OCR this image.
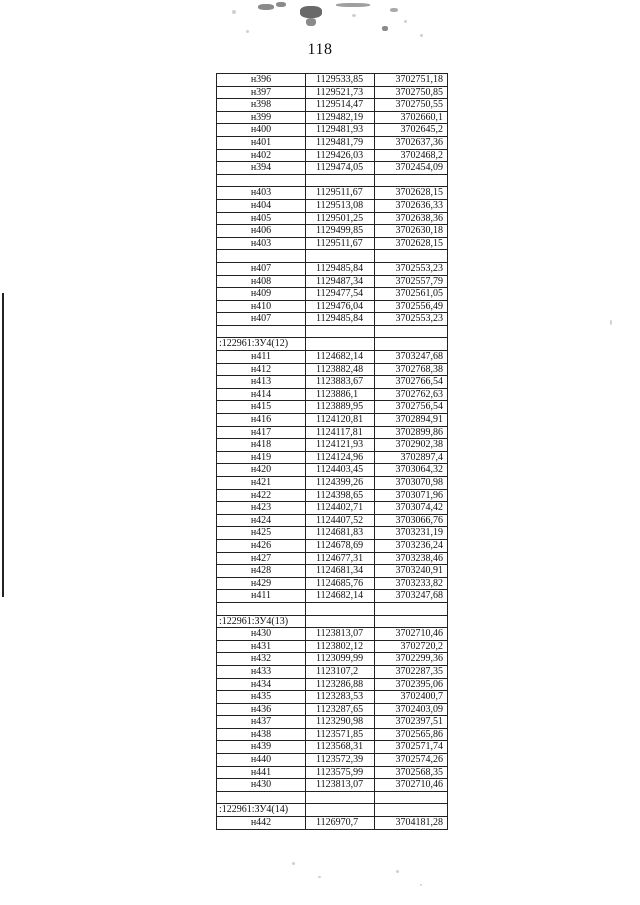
118
н396	1129533,85	3702751,18
н397	1129521,73	3702750,85
н398	1129514,47	3702750,55
н399	1129482,19	3702660,1
н400	1129481,93	3702645,2
н401	1129481,79	3702637,36
н402	1129426,03	3702468,2
н394	1129474,05	3702454,09

н403	1129511,67	3702628,15
н404	1129513,08	3702636,33
н405	1129501,25	3702638,36
н406	1129499,85	3702630,18
н403	1129511,67	3702628,15

н407	1129485,84	3702553,23
н408	1129487,34	3702557,79
н409	1129477,54	3702561,05
н410	1129476,04	3702556,49
н407	1129485,84	3702553,23

:122961:ЗУ4(12)		
н411	1124682,14	3703247,68
н412	1123882,48	3702768,38
н413	1123883,67	3702766,54
н414	1123886,1	3702762,63
н415	1123889,95	3702756,54
н416	1124120,81	3702894,91
н417	1124117,81	3702899,86
н418	1124121,93	3702902,38
н419	1124124,96	3702897,4
н420	1124403,45	3703064,32
н421	1124399,26	3703070,98
н422	1124398,65	3703071,96
н423	1124402,71	3703074,42
н424	1124407,52	3703066,76
н425	1124681,83	3703231,19
н426	1124678,69	3703236,24
н427	1124677,31	3703238,46
н428	1124681,34	3703240,91
н429	1124685,76	3703233,82
н411	1124682,14	3703247,68

:122961:ЗУ4(13)		
н430	1123813,07	3702710,46
н431	1123802,12	3702720,2
н432	1123099,99	3702299,36
н433	1123107,2	3702287,35
н434	1123286,88	3702395,06
н435	1123283,53	3702400,7
н436	1123287,65	3702403,09
н437	1123290,98	3702397,51
н438	1123571,85	3702565,86
н439	1123568,31	3702571,74
н440	1123572,39	3702574,26
н441	1123575,99	3702568,35
н430	1123813,07	3702710,46

:122961:ЗУ4(14)		
н442	1126970,7	3704181,28
